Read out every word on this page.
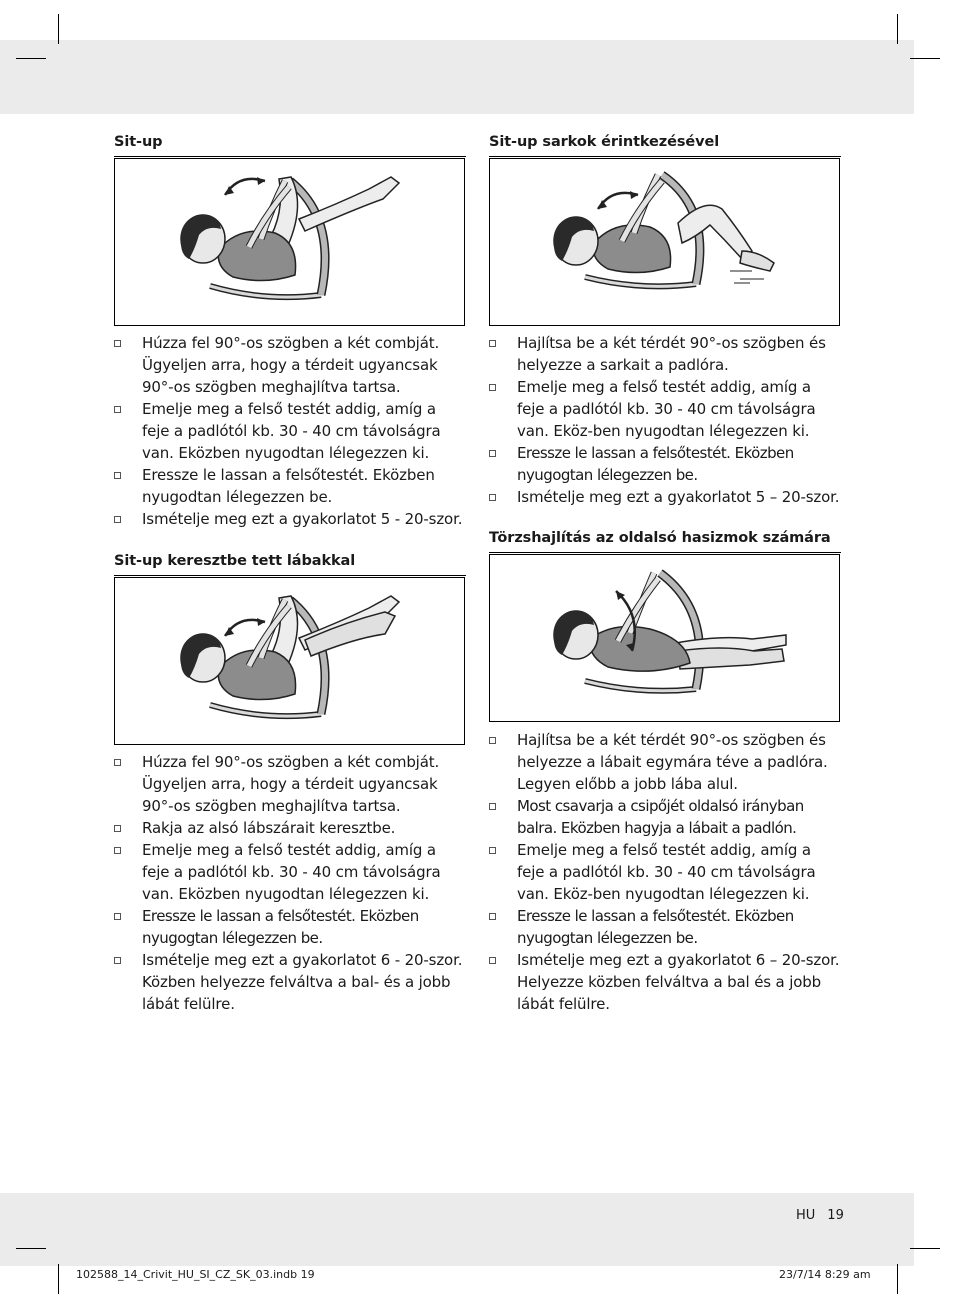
Sit-up
Húzza fel 90°-os szögben a két combját. Ügyeljen arra, hogy a térdeit ugyancsak 90°-os szögben meghajlítva tartsa.
Emelje meg a felső testét addig, amíg a feje a padlótól kb. 30 - 40 cm távolságra van. Eközben nyugodtan lélegezzen ki.
Eressze le lassan a felsőtestét. Eközben nyugodtan lélegezzen be.
Ismételje meg ezt a gyakorlatot 5 - 20-szor.
Sit-up keresztbe tett lábakkal
Húzza fel 90°-os szögben a két combját. Ügyeljen arra, hogy a térdeit ugyancsak 90°-os szögben meghajlítva tartsa.
Rakja az alsó lábszárait keresztbe.
Emelje meg a felső testét addig, amíg a feje a padlótól kb. 30 - 40 cm távolságra van. Eközben nyugodtan lélegezzen ki.
Eressze le lassan a felsőtestét. Eközben nyugogtan lélegezzen be.
Ismételje meg ezt a gyakorlatot 6 - 20-szor. Közben helyezze felváltva a bal- és a jobb lábát felülre.
Sit-up sarkok érintkezésével
Hajlítsa be a két térdét 90°-os szögben és helyezze a sarkait a padlóra.
Emelje meg a felső testét addig, amíg a feje a padlótól kb. 30 - 40 cm távolságra van. Eköz-ben nyugodtan lélegezzen ki.
Eressze le lassan a felsőtestét. Eközben nyugogtan lélegezzen be.
Ismételje meg ezt a gyakorlatot 5 – 20-szor.
Törzshajlítás az oldalsó hasizmok számára
Hajlítsa be a két térdét 90°-os szögben és helyezze a lábait egymára téve a padlóra. Legyen előbb a jobb lába alul.
Most csavarja a csipőjét oldalsó irányban balra. Eközben hagyja a lábait a padlón.
Emelje meg a felső testét addig, amíg a feje a padlótól kb. 30 - 40 cm távolságra van. Eköz-ben nyugodtan lélegezzen ki.
Eressze le lassan a felsőtestét. Eközben nyugogtan lélegezzen be.
Ismételje meg ezt a gyakorlatot 6 – 20-szor. Helyezze közben felváltva a bal és a jobb lábát felülre.
HU 19
102588_14_Crivit_HU_SI_CZ_SK_03.indb 19	23/7/14 8:29 am
